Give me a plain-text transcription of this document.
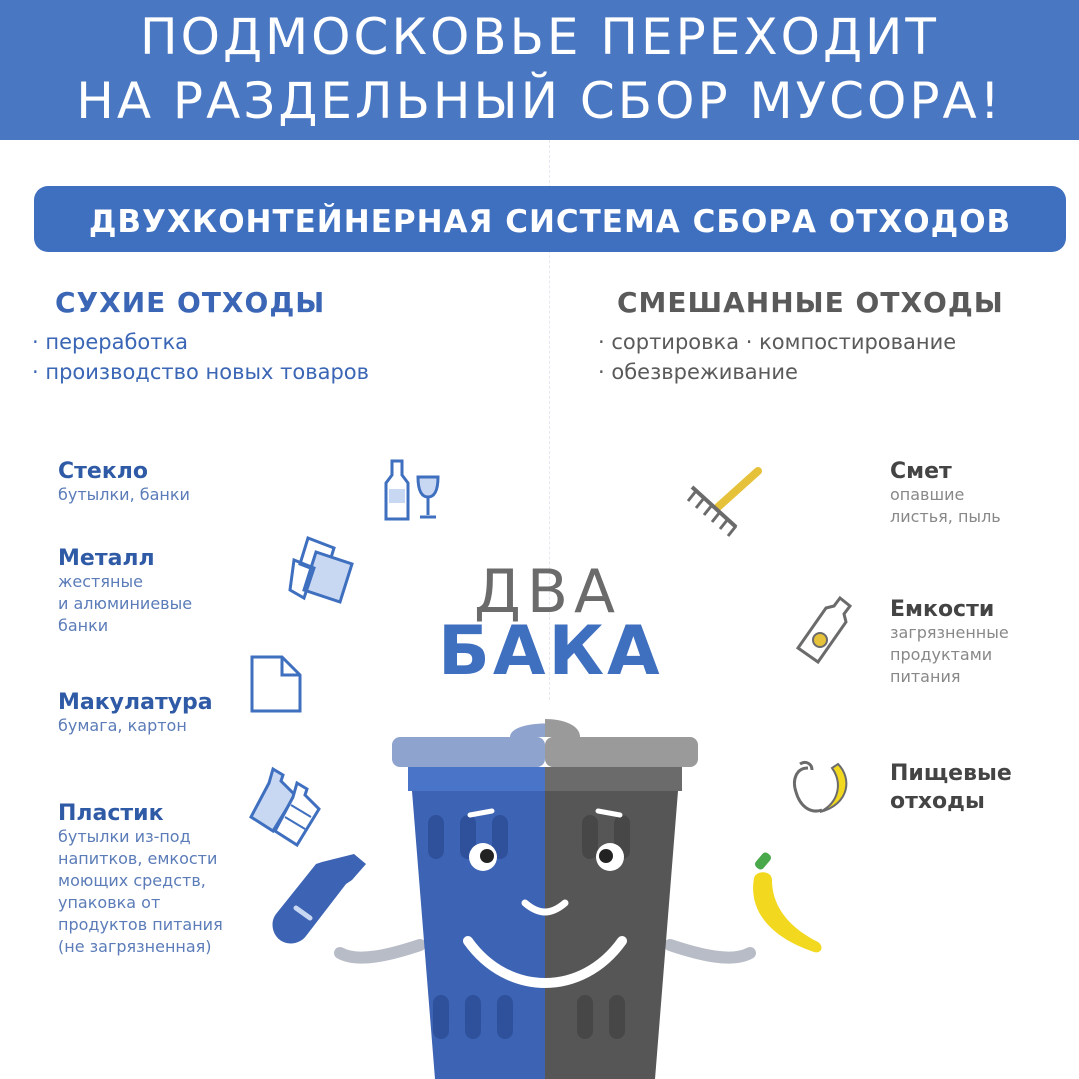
ПОДМОСКОВЬЕ ПЕРЕХОДИТ
НА РАЗДЕЛЬНЫЙ СБОР МУСОРА!
ДВУХКОНТЕЙНЕРНАЯ СИСТЕМА СБОРА ОТХОДОВ
СУХИЕ ОТХОДЫ
· переработка
· производство новых товаров
СМЕШАННЫЕ ОТХОДЫ
· сортировка · компостирование
· обезвреживание
Стекло
бутылки, банки
Металл
жестяные
и алюминиевые
банки
Макулатура
бумага, картон
Пластик
бутылки из-под
напитков, емкости
моющих средств,
упаковка от
продуктов питания
(не загрязненная)
Смет
опавшие
листья, пыль
Емкости
загрязненные
продуктами
питания
Пищевые
отходы
ДВА
БАКА
